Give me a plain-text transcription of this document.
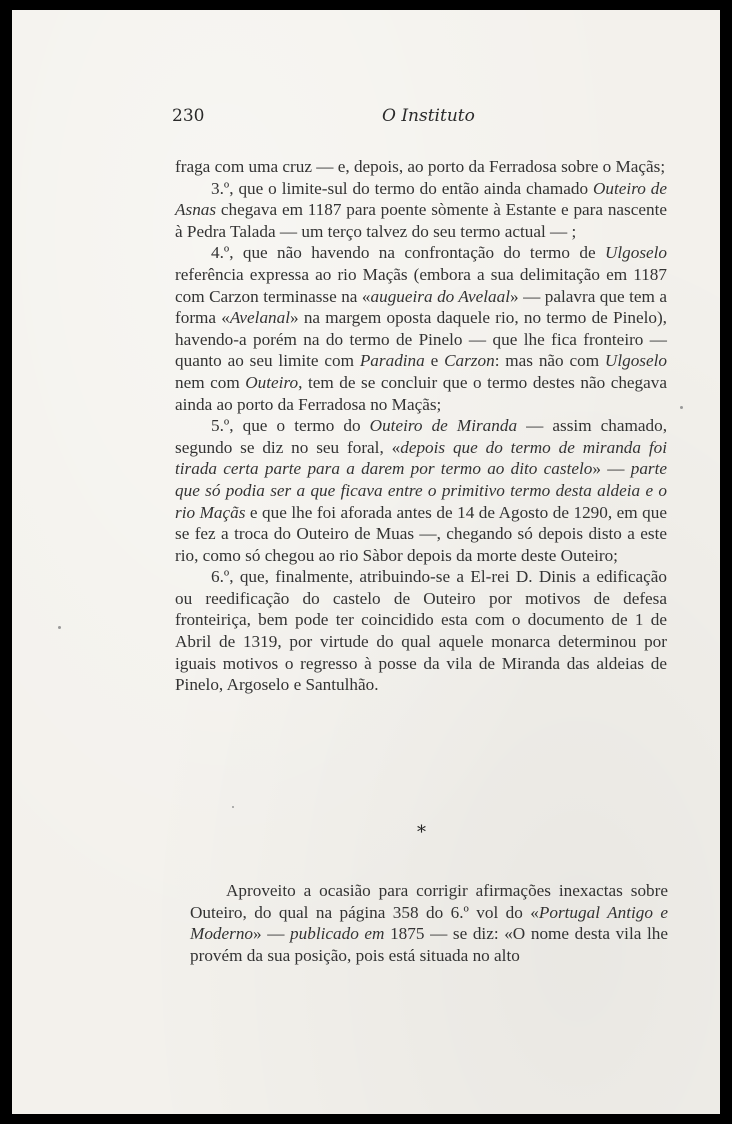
230	O Instituto

fraga com uma cruz — e, depois, ao porto da Ferradosa sobre o Maçãs;

3.º, que o limite-sul do termo do então ainda chamado Outeiro de Asnas chegava em 1187 para poente sòmente à Estante e para nascente à Pedra Talada — um terço talvez do seu termo actual — ;

4.º, que não havendo na confrontação do termo de Ulgoselo referência expressa ao rio Maçãs (embora a sua delimitação em 1187 com Carzon terminasse na «augueira do Avelaal» — palavra que tem a forma «Avelanal» na margem oposta daquele rio, no termo de Pinelo), havendo-a porém na do termo de Pinelo — que lhe fica fronteiro — quanto ao seu limite com Paradina e Carzon: mas não com Ulgoselo nem com Outeiro, tem de se concluir que o termo destes não chegava ainda ao porto da Ferradosa no Maçãs;

5.º, que o termo do Outeiro de Miranda — assim chamado, segundo se diz no seu foral, «depois que do termo de miranda foi tirada certa parte para a darem por termo ao dito castelo» — parte que só podia ser a que ficava entre o primitivo termo desta aldeia e o rio Maçãs e que lhe foi aforada antes de 14 de Agosto de 1290, em que se fez a troca do Outeiro de Muas —, chegando só depois disto a este rio, como só chegou ao rio Sàbor depois da morte deste Outeiro;

6.º, que, finalmente, atribuindo-se a El-rei D. Dinis a edificação ou reedificação do castelo de Outeiro por motivos de defesa fronteiriça, bem pode ter coincidido esta com o documento de 1 de Abril de 1319, por virtude do qual aquele monarca determinou por iguais motivos o regresso à posse da vila de Miranda das aldeias de Pinelo, Argoselo e Santulhão.

*

Aproveito a ocasião para corrigir afirmações inexactas sobre Outeiro, do qual na página 358 do 6.º vol do «Portugal Antigo e Moderno» — publicado em 1875 — se diz: «O nome desta vila lhe provém da sua posição, pois está situada no alto
